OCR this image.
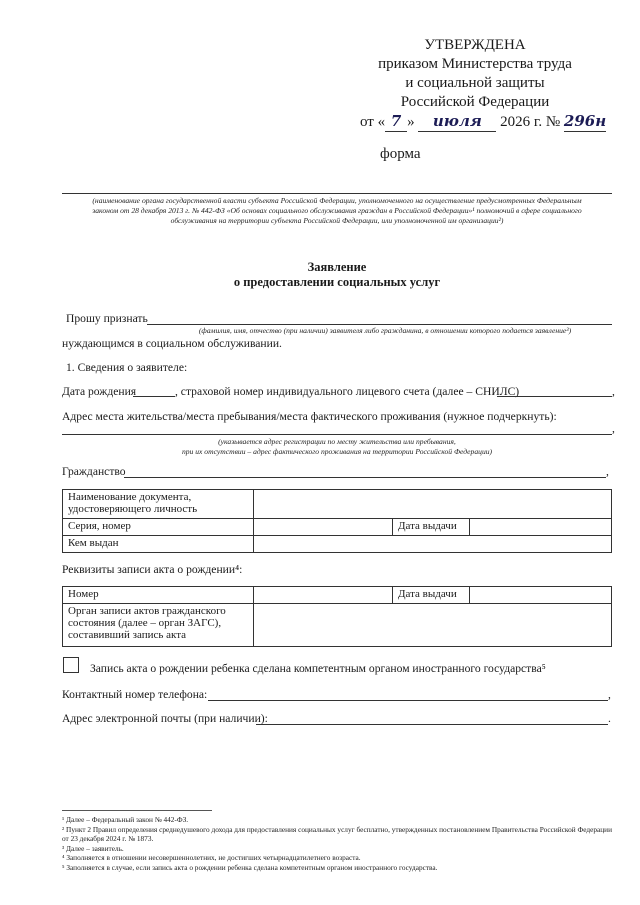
УТВЕРЖДЕНА
приказом Министерства труда
и социальной защиты
Российской Федерации
от « 7 » июля 2026 г. № 296н
форма
(наименование органа государственной власти субъекта Российской Федерации, уполномоченного на осуществление предусмотренных Федеральным законом от 28 декабря 2013 г. № 442-ФЗ «Об основах социального обслуживания граждан в Российской Федерации»¹ полномочий в сфере социального обслуживания на территории субъекта Российской Федерации, или уполномоченной им организации²)
Заявление
о предоставлении социальных услуг
Прошу признать
(фамилия, имя, отчество (при наличии) заявителя либо гражданина, в отношении которого подается заявление³)
нуждающимся в социальном обслуживании.
1. Сведения о заявителе:
Дата рождения	, страховой номер индивидуального лицевого счета (далее – СНИЛС)	,
Адрес места жительства/места пребывания/места фактического проживания (нужное подчеркнуть):
,
(указывается адрес регистрации по месту жительства или пребывания,
при их отсутствии – адрес фактического проживания на территории Российской Федерации)
Гражданство	,
Наименование документа, удостоверяющего личность			
Серия, номер		Дата выдачи	
Кем выдан			
Реквизиты записи акта о рождении⁴:
Номер		Дата выдачи	
Орган записи актов гражданского состояния (далее – орган ЗАГС), составивший запись акта			
Запись акта о рождении ребенка сделана компетентным органом иностранного государства⁵
Контактный номер телефона:	,
Адрес электронной почты (при наличии):	.
¹ Далее – Федеральный закон № 442-ФЗ.
² Пункт 2 Правил определения среднедушевого дохода для предоставления социальных услуг бесплатно, утвержденных постановлением Правительства Российской Федерации от 23 декабря 2024 г. № 1873.
³ Далее – заявитель.
⁴ Заполняется в отношении несовершеннолетних, не достигших четырнадцатилетнего возраста.
⁵ Заполняется в случае, если запись акта о рождении ребенка сделана компетентным органом иностранного государства.
